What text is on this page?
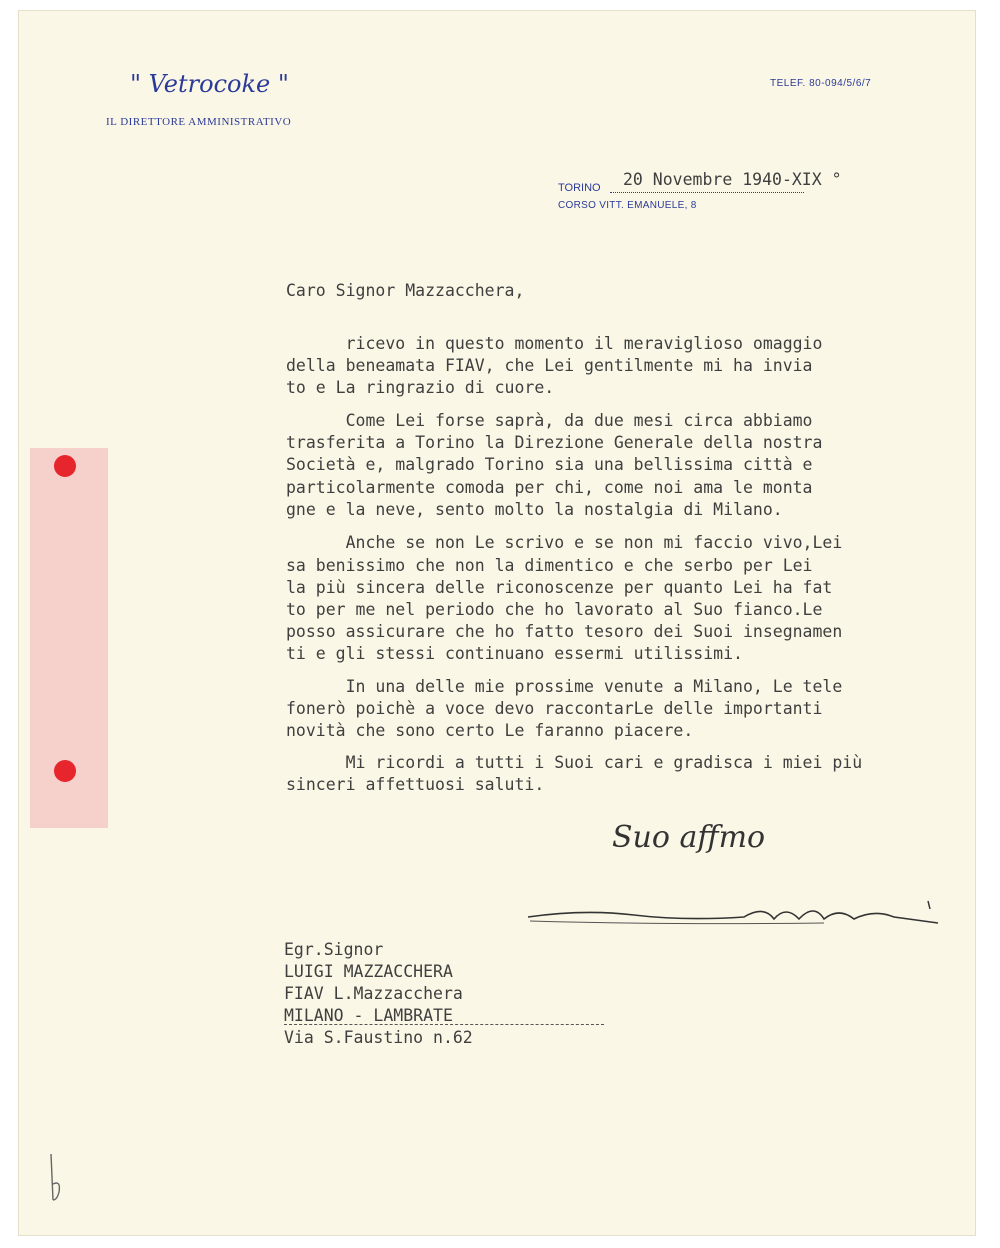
" Vetrocoke "
IL DIRETTORE AMMINISTRATIVO
TELEF. 80-094/5/6/7
TORINO 20 Novembre 1940-XIX °
CORSO VITT. EMANUELE, 8
Caro Signor Mazzacchera,
ricevo in questo momento il meraviglioso omaggio
della beneamata FIAV, che Lei gentilmente mi ha invia
to e La ringrazio di cuore.
Come Lei forse saprà, da due mesi circa abbiamo
trasferita a Torino la Direzione Generale della nostra
Società e, malgrado Torino sia una bellissima città e
particolarmente comoda per chi, come noi ama le monta
gne e la neve, sento molto la nostalgia di Milano.
Anche se non Le scrivo e se non mi faccio vivo,Lei
sa benissimo che non la dimentico e che serbo per Lei
la più sincera delle riconoscenze per quanto Lei ha fat
to per me nel periodo che ho lavorato al Suo fianco.Le
posso assicurare che ho fatto tesoro dei Suoi insegnamen
ti e gli stessi continuano essermi utilissimi.
In una delle mie prossime venute a Milano, Le tele
fonerò poichè a voce devo raccontarLe delle importanti
novità che sono certo Le faranno piacere.
Mi ricordi a tutti i Suoi cari e gradisca i miei più
sinceri affettuosi saluti.
Suo affmo
Egr.Signor
LUIGI MAZZACCHERA
FIAV L.Mazzacchera
MILANO - LAMBRATE
Via S.Faustino n.62
